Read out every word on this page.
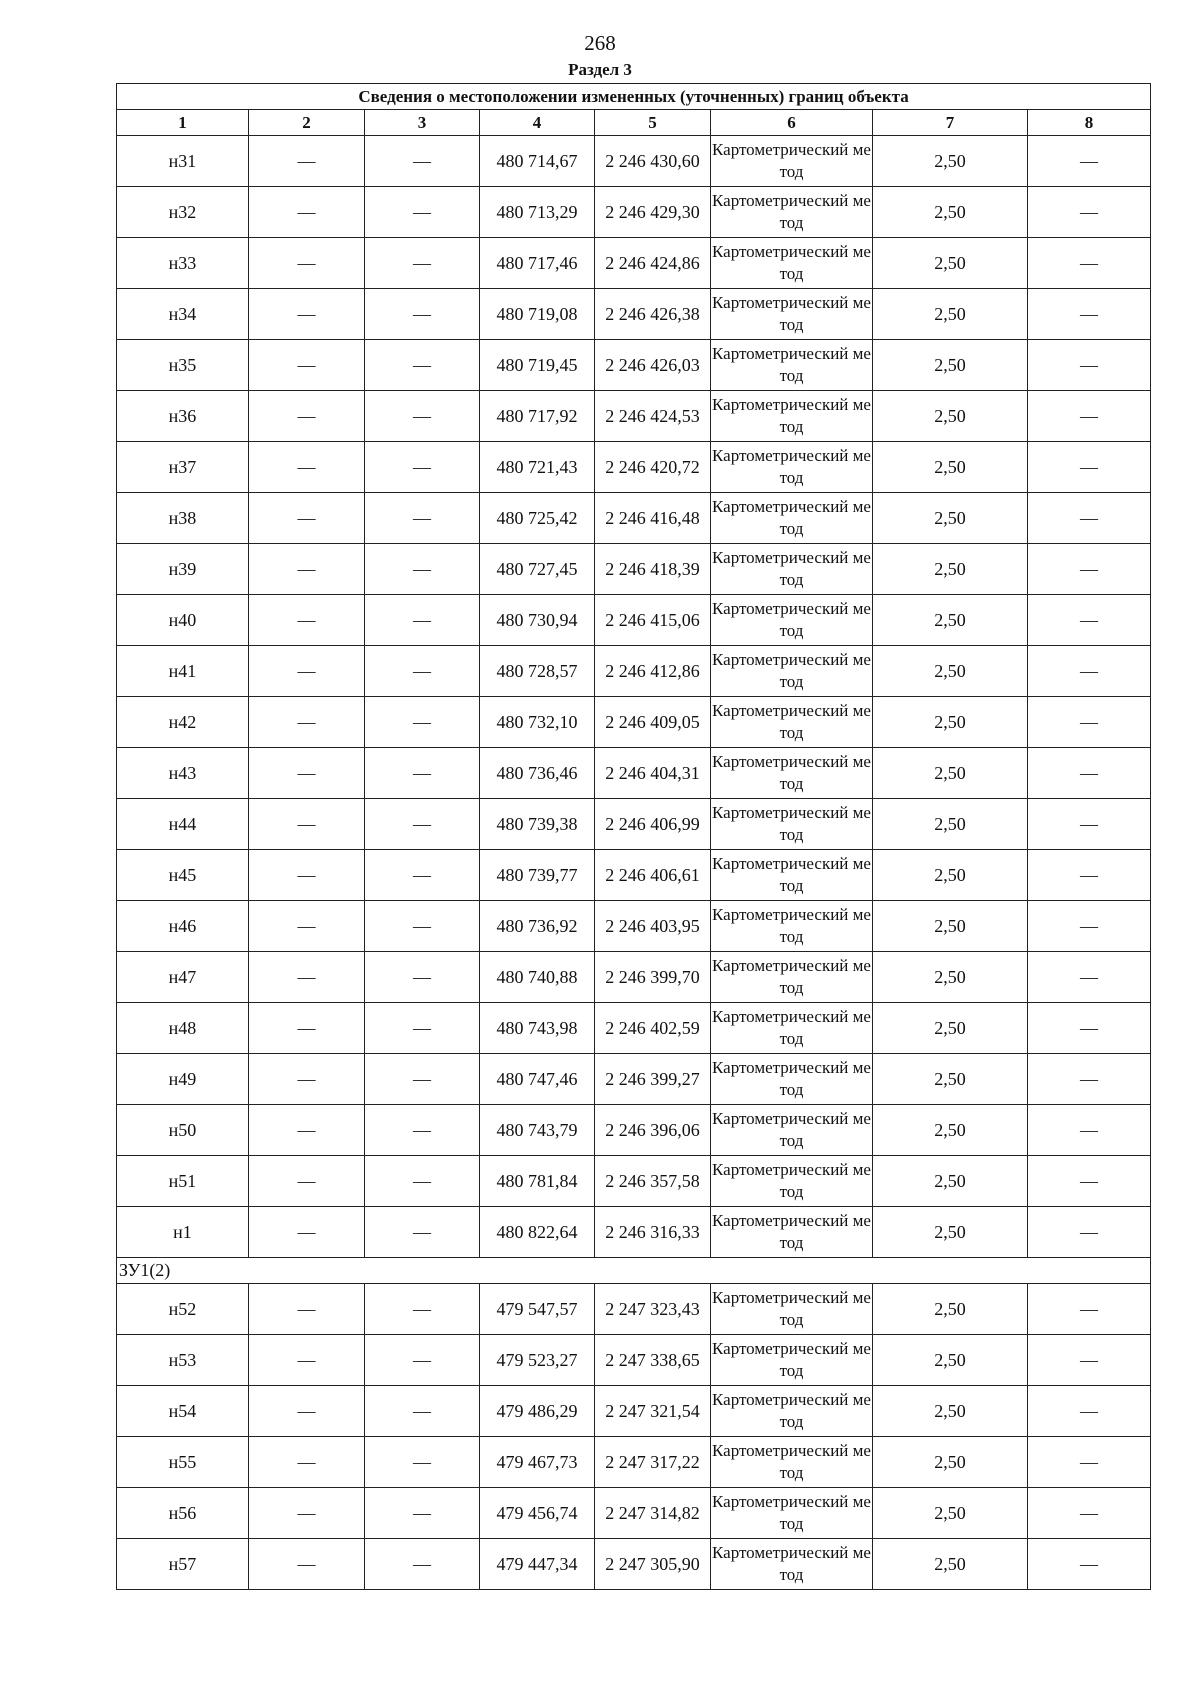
268
Раздел 3
Сведения о местоположении измененных (уточненных) границ объекта							
1	2	3	4	5	6	7	8
н31	—	—	480 714,67	2 246 430,60	Картометрический метод	2,50	—
н32	—	—	480 713,29	2 246 429,30	Картометрический метод	2,50	—
н33	—	—	480 717,46	2 246 424,86	Картометрический метод	2,50	—
н34	—	—	480 719,08	2 246 426,38	Картометрический метод	2,50	—
н35	—	—	480 719,45	2 246 426,03	Картометрический метод	2,50	—
н36	—	—	480 717,92	2 246 424,53	Картометрический метод	2,50	—
н37	—	—	480 721,43	2 246 420,72	Картометрический метод	2,50	—
н38	—	—	480 725,42	2 246 416,48	Картометрический метод	2,50	—
н39	—	—	480 727,45	2 246 418,39	Картометрический метод	2,50	—
н40	—	—	480 730,94	2 246 415,06	Картометрический метод	2,50	—
н41	—	—	480 728,57	2 246 412,86	Картометрический метод	2,50	—
н42	—	—	480 732,10	2 246 409,05	Картометрический метод	2,50	—
н43	—	—	480 736,46	2 246 404,31	Картометрический метод	2,50	—
н44	—	—	480 739,38	2 246 406,99	Картометрический метод	2,50	—
н45	—	—	480 739,77	2 246 406,61	Картометрический метод	2,50	—
н46	—	—	480 736,92	2 246 403,95	Картометрический метод	2,50	—
н47	—	—	480 740,88	2 246 399,70	Картометрический метод	2,50	—
н48	—	—	480 743,98	2 246 402,59	Картометрический метод	2,50	—
н49	—	—	480 747,46	2 246 399,27	Картометрический метод	2,50	—
н50	—	—	480 743,79	2 246 396,06	Картометрический метод	2,50	—
н51	—	—	480 781,84	2 246 357,58	Картометрический метод	2,50	—
н1	—	—	480 822,64	2 246 316,33	Картометрический метод	2,50	—
ЗУ1(2)							
н52	—	—	479 547,57	2 247 323,43	Картометрический метод	2,50	—
н53	—	—	479 523,27	2 247 338,65	Картометрический метод	2,50	—
н54	—	—	479 486,29	2 247 321,54	Картометрический метод	2,50	—
н55	—	—	479 467,73	2 247 317,22	Картометрический метод	2,50	—
н56	—	—	479 456,74	2 247 314,82	Картометрический метод	2,50	—
н57	—	—	479 447,34	2 247 305,90	Картометрический метод	2,50	—
